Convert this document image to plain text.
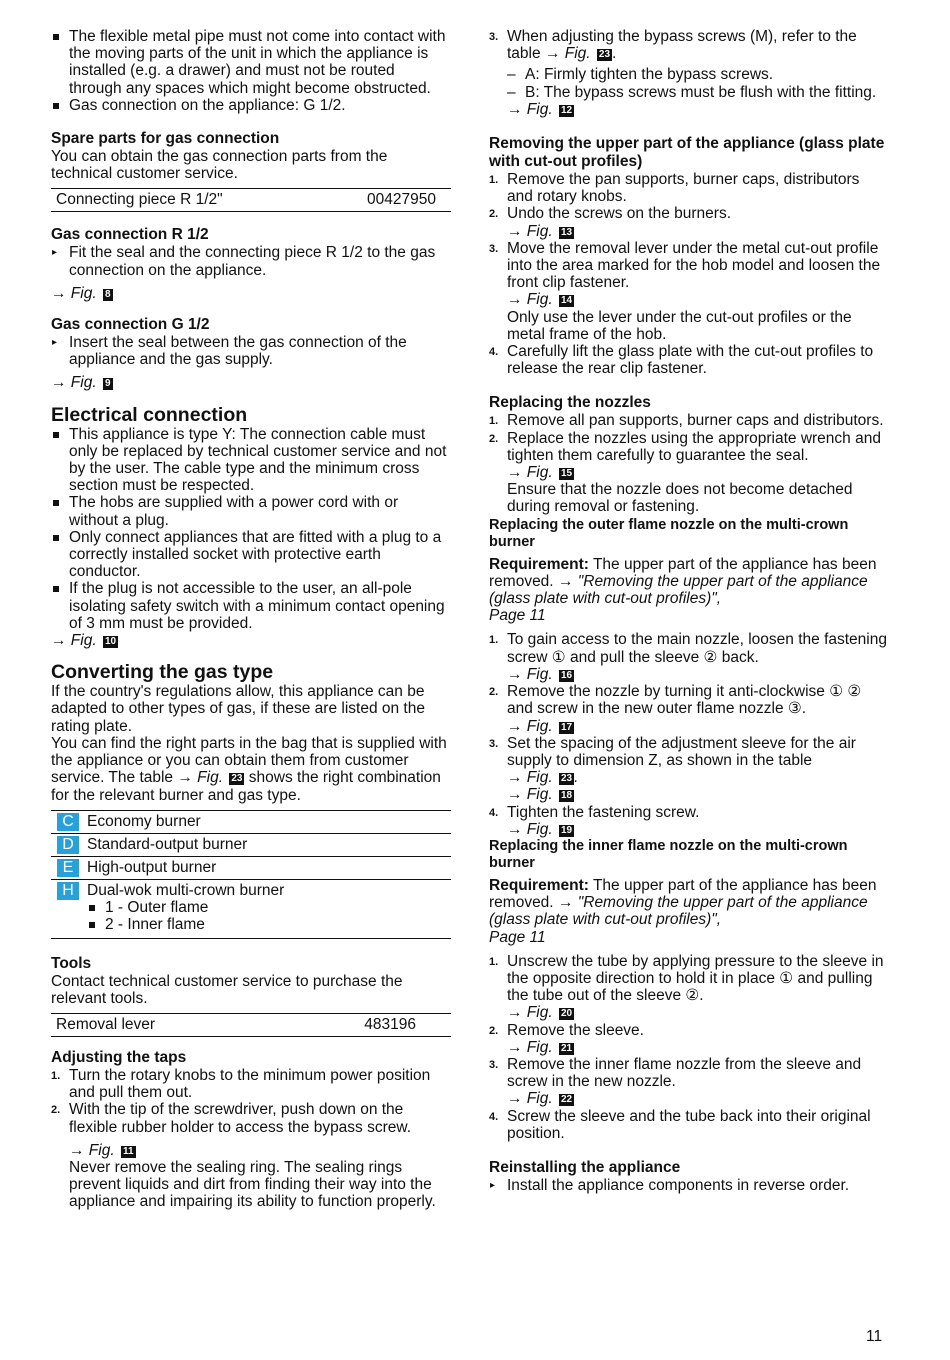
The flexible metal pipe must not come into contact with the moving parts of the unit in which the appliance is installed (e.g. a drawer) and must not be routed through any spaces which might become obstructed.
Gas connection on the appliance: G 1/2.
Spare parts for gas connection

You can obtain the gas connection parts from the technical customer service.

Connecting piece R 1/2"	00427950
Gas connection R 1/2
▸ Fit the seal and the connecting piece R 1/2 to the gas connection on the appliance.

→ Fig. 8

Gas connection G 1/2
▸ Insert the seal between the gas connection of the appliance and the gas supply.

→ Fig. 9

Electrical connection
This appliance is type Y: The connection cable must only be replaced by technical customer service and not by the user. The cable type and the minimum cross section must be respected.
The hobs are supplied with a power cord with or without a plug.
Only connect appliances that are fitted with a plug to a correctly installed socket with protective earth conductor.
If the plug is not accessible to the user, an all-pole isolating safety switch with a minimum contact opening of 3 mm must be provided.

→ Fig. 10

Converting the gas type

If the country's regulations allow, this appliance can be adapted to other types of gas, if these are listed on the rating plate.

You can find the right parts in the bag that is supplied with the appliance or you can obtain them from customer service. The table → Fig. 23 shows the right combination for the relevant burner and gas type.

C Economy burner
D Standard-output burner
E High-output burner
H Dual-wok multi-crown burner
1 - Outer flame
2 - Inner flame
Tools

Contact technical customer service to purchase the relevant tools.

Removal lever	483196
Adjusting the taps
1. Turn the rotary knobs to the minimum power position and pull them out.
2. With the tip of the screwdriver, push down on the flexible rubber holder to access the bypass screw.
→ Fig. 11
Never remove the sealing ring. The sealing rings prevent liquids and dirt from finding their way into the appliance and impairing its ability to function properly.
3. When adjusting the bypass screws (M), refer to the table → Fig. 23 .
– A: Firmly tighten the bypass screws.
– B: The bypass screws must be flush with the fitting.
→ Fig. 12
Removing the upper part of the appliance (glass plate with cut-out profiles)
1. Remove the pan supports, burner caps, distributors and rotary knobs.
2. Undo the screws on the burners.
→ Fig. 13
3. Move the removal lever under the metal cut-out profile into the area marked for the hob model and loosen the front clip fastener.
→ Fig. 14
Only use the lever under the cut-out profiles or the metal frame of the hob.
4. Carefully lift the glass plate with the cut-out profiles to release the rear clip fastener.
Replacing the nozzles
1. Remove all pan supports, burner caps and distributors.
2. Replace the nozzles using the appropriate wrench and tighten them carefully to guarantee the seal.
→ Fig. 15
Ensure that the nozzle does not become detached during removal or fastening.
Replacing the outer flame nozzle on the multi-crown burner

Requirement: The upper part of the appliance has been removed. → "Removing the upper part of the appliance (glass plate with cut-out profiles)",
Page 11

1. To gain access to the main nozzle, loosen the fastening screw ① and pull the sleeve ② back.
→ Fig. 16
2. Remove the nozzle by turning it anti-clockwise ① ② and screw in the new outer flame nozzle ③.
→ Fig. 17
3. Set the spacing of the adjustment sleeve for the air supply to dimension Z, as shown in the table
→ Fig. 23 .
→ Fig. 18
4. Tighten the fastening screw.
→ Fig. 19
Replacing the inner flame nozzle on the multi-crown burner

Requirement: The upper part of the appliance has been removed. → "Removing the upper part of the appliance (glass plate with cut-out profiles)",
Page 11

1. Unscrew the tube by applying pressure to the sleeve in the opposite direction to hold it in place ① and pulling the tube out of the sleeve ②.
→ Fig. 20
2. Remove the sleeve.
→ Fig. 21
3. Remove the inner flame nozzle from the sleeve and screw in the new nozzle.
→ Fig. 22
4. Screw the sleeve and the tube back into their original position.
Reinstalling the appliance
▸ Install the appliance components in reverse order.
11
